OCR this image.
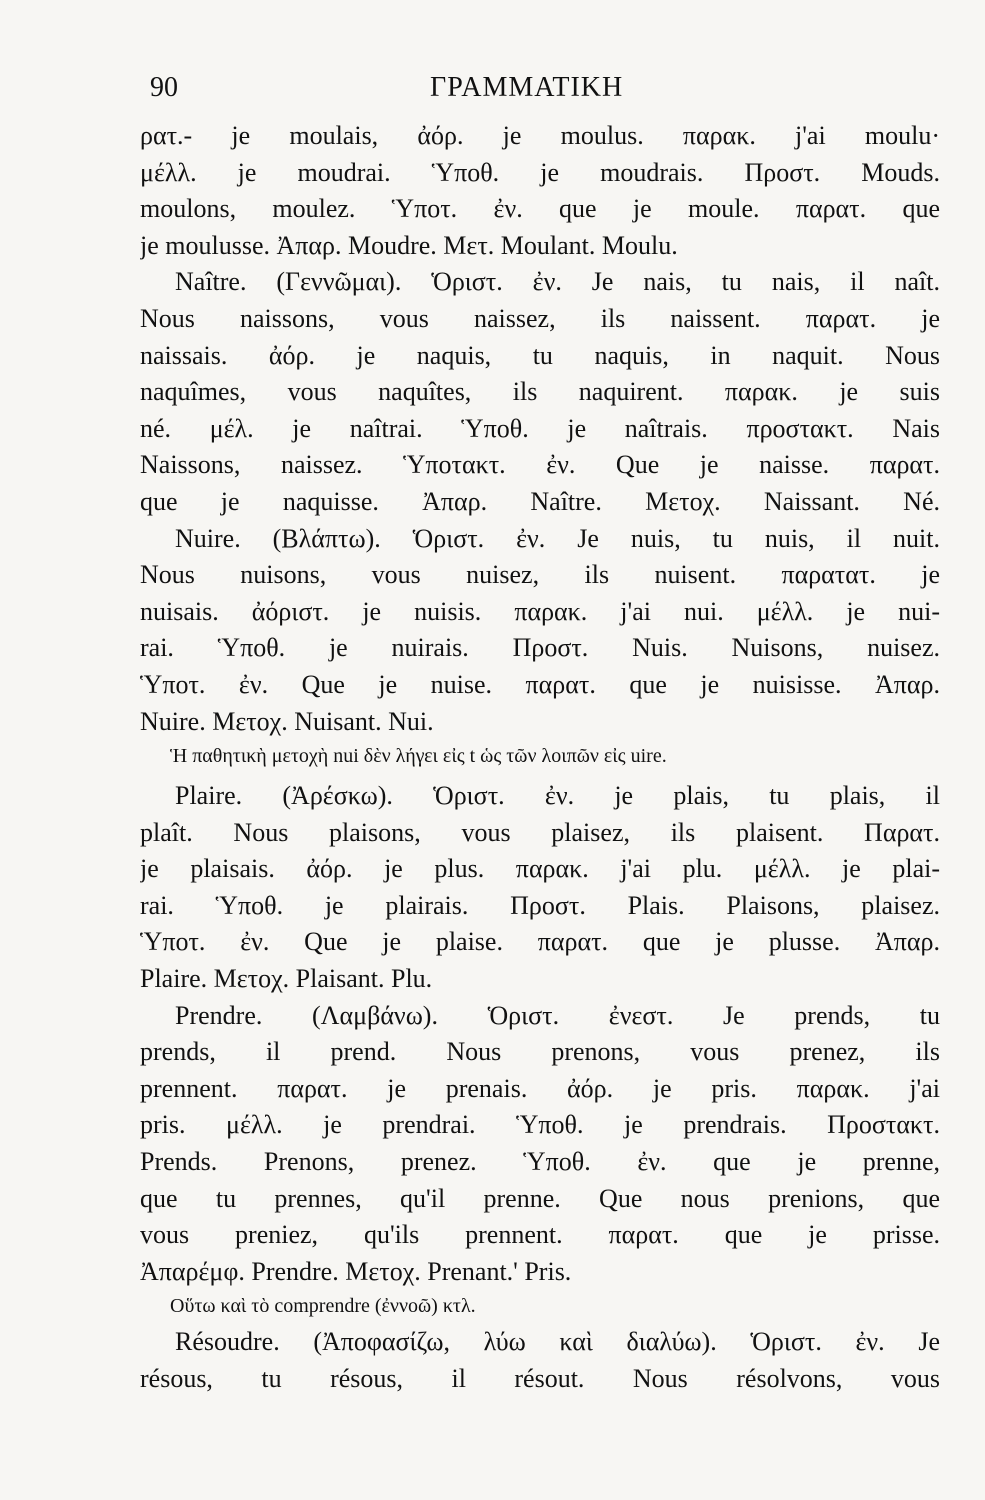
90	ΓΡΑΜΜΑΤΙΚΗ
ρατ.- je moulais, ἀόρ. je moulus. παρακ. j'ai moulu·
μέλλ. je moudrai. Ὑποθ. je moudrais. Προστ. Mouds.
moulons, moulez. Ὑποτ. ἐν. que je moule. παρατ. que
je moulusse. Ἀπαρ. Moudre. Μετ. Moulant. Moulu.
Naître. (Γεννῶμαι). Ὁριστ. ἐν. Je nais, tu nais, il naît.
Nous naissons, vous naissez, ils naissent. παρατ. je
naissais. ἀόρ. je naquis, tu naquis, in naquit. Nous
naquîmes, vous naquîtes, ils naquirent. παρακ. je suis
né. μέλ. je naîtrai. Ὑποθ. je naîtrais. προστακτ. Nais
Naissons, naissez. Ὑποτακτ. ἐν. Que je naisse. παρατ.
que je naquisse. Ἀπαρ. Naître. Μετοχ. Naissant. Né.
Nuire. (Βλάπτω). Ὁριστ. ἐν. Je nuis, tu nuis, il nuit.
Nous nuisons, vous nuisez, ils nuisent. παρατατ. je
nuisais. ἀόριστ. je nuisis. παρακ. j'ai nui. μέλλ. je nui-
rai. Ὑποθ. je nuirais. Προστ. Nuis. Nuisons, nuisez.
Ὑποτ. ἐν. Que je nuise. παρατ. que je nuisisse. Ἀπαρ.
Nuire. Μετοχ. Nuisant. Nui.
Ἡ παθητικὴ μετοχὴ nui δὲν λήγει εἰς t ὡς τῶν λοιπῶν εἰς uire.
Plaire. (Ἀρέσκω). Ὁριστ. ἐν. je plais, tu plais, il
plaît. Nous plaisons, vous plaisez, ils plaisent. Παρατ.
je plaisais. ἀόρ. je plus. παρακ. j'ai plu. μέλλ. je plai-
rai. Ὑποθ. je plairais. Προστ. Plais. Plaisons, plaisez.
Ὑποτ. ἐν. Que je plaise. παρατ. que je plusse. Ἀπαρ.
Plaire. Μετοχ. Plaisant. Plu.
Prendre. (Λαμβάνω). Ὁριστ. ἐνεστ. Je prends, tu
prends, il prend. Nous prenons, vous prenez, ils
prennent. παρατ. je prenais. ἀόρ. je pris. παρακ. j'ai
pris. μέλλ. je prendrai. Ὑποθ. je prendrais. Προστακτ.
Prends. Prenons, prenez. Ὑποθ. ἐν. que je prenne,
que tu prennes, qu'il prenne. Que nous prenions, que
vous preniez, qu'ils prennent. παρατ. que je prisse.
Ἀπαρέμφ. Prendre. Μετοχ. Prenant.' Pris.
Οὕτω καὶ τὸ comprendre (ἐννοῶ) κτλ.
Résoudre. (Ἀποφασίζω, λύω καὶ διαλύω). Ὁριστ. ἐν. Je
résous, tu résous, il résout. Nous résolvons, vous
